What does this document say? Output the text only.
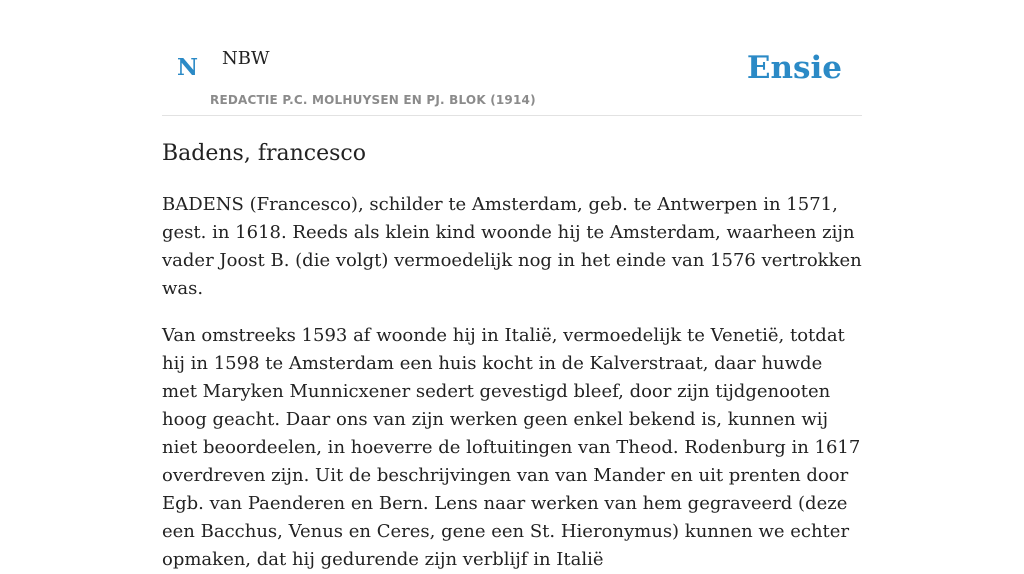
N NBW
REDACTIE P.C. MOLHUYSEN EN PJ. BLOK (1914)
Ensie
Badens, francesco

BADENS (Francesco), schilder te Amsterdam, geb. te Antwerpen in 1571, gest. in 1618. Reeds als klein kind woonde hij te Amsterdam, waarheen zijn vader Joost B. (die volgt) vermoedelijk nog in het einde van 1576 vertrokken was.

Van omstreeks 1593 af woonde hij in Italië, vermoedelijk te Venetië, totdat hij in 1598 te Amsterdam een huis kocht in de Kalverstraat, daar huwde met Maryken Munnicxener sedert gevestigd bleef, door zijn tijdgenooten hoog geacht. Daar ons van zijn werken geen enkel bekend is, kunnen wij niet beoordeelen, in hoeverre de loftuitingen van Theod. Rodenburg in 1617 overdreven zijn. Uit de beschrijvingen van van Mander en uit prenten door Egb. van Paenderen en Bern. Lens naar werken van hem gegraveerd (deze een Bacchus, Venus en Ceres, gene een St. Hieronymus) kunnen we echter opmaken, dat hij gedurende zijn verblijf in Italië
